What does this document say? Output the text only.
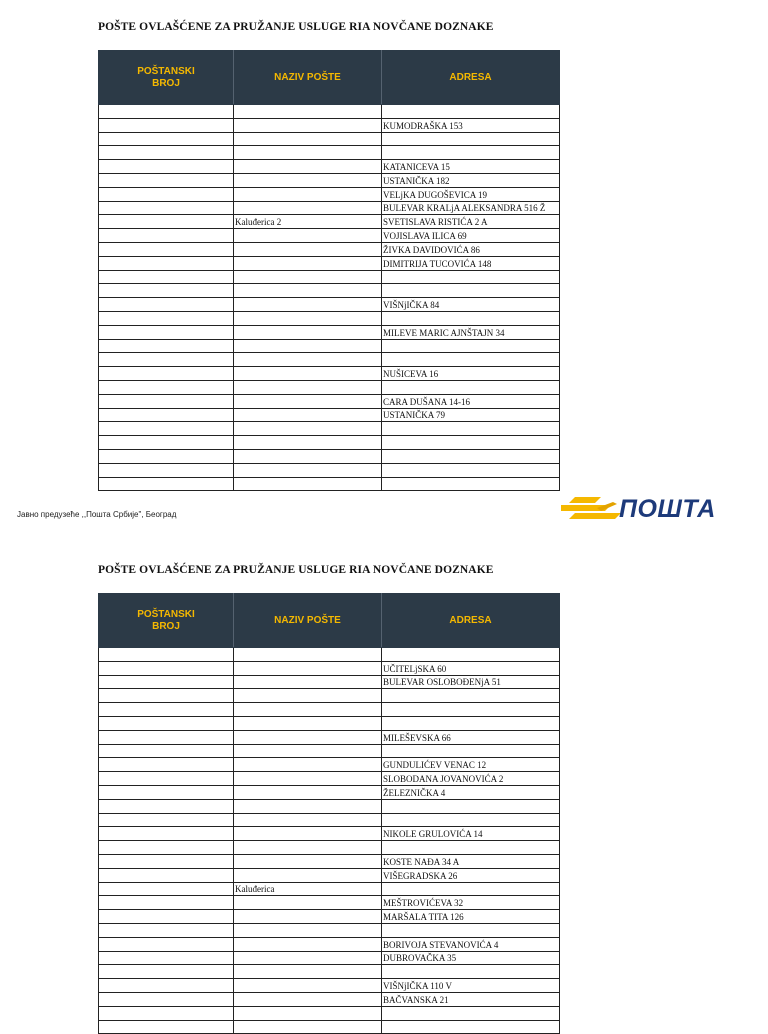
POŠTE OVLAŠĆENE ZA PRUŽANJE USLUGE RIA NOVČANE DOZNAKE
POŠTANSKI
BROJ	NAZIV POŠTE	ADRESA

		KUMODRAŠKA 153

		KATANICEVA 15
		USTANIČKA 182
		VELjKA DUGOŠEVICA 19
		BULEVAR KRALjA ALEKSANDRA 516 Ž
	Kaluđerica 2	SVETISLAVA RISTIĆA 2 A
		VOJISLAVA ILICA 69
		ŽIVKA DAVIDOVIĆA 86
		DIMITRIJA TUCOVIĆA 148

		VIŠNjIČKA 84

		MILEVE MARIC AJNŠTAJN 34

		NUŠICEVA 16

		CARA DUŠANA 14-16
		USTANIČKA 79

Јавно предузеће ,,Пошта Србије", Београд	ПОШТА
POŠTE OVLAŠĆENE ZA PRUŽANJE USLUGE RIA NOVČANE DOZNAKE
POŠTANSKI
BROJ	NAZIV POŠTE	ADRESA

		UČITELjSKA 60
		BULEVAR OSLOBOĐENjA 51

		MILEŠEVSKA 66

		GUNDULIĆEV VENAC 12
		SLOBODANA JOVANOVIĆA 2
		ŽELEZNIČKA 4

		NIKOLE GRULOVIĆA 14

		KOSTE NAĐA 34 A
		VIŠEGRADSKA 26
	Kaluđerica	
		MEŠTROVIĆEVA 32
		MARŠALA TITA 126

		BORIVOJA STEVANOVIĆA 4
		DUBROVAČKA 35

		VIŠNjIČKA 110 V
		BAČVANSKA 21
